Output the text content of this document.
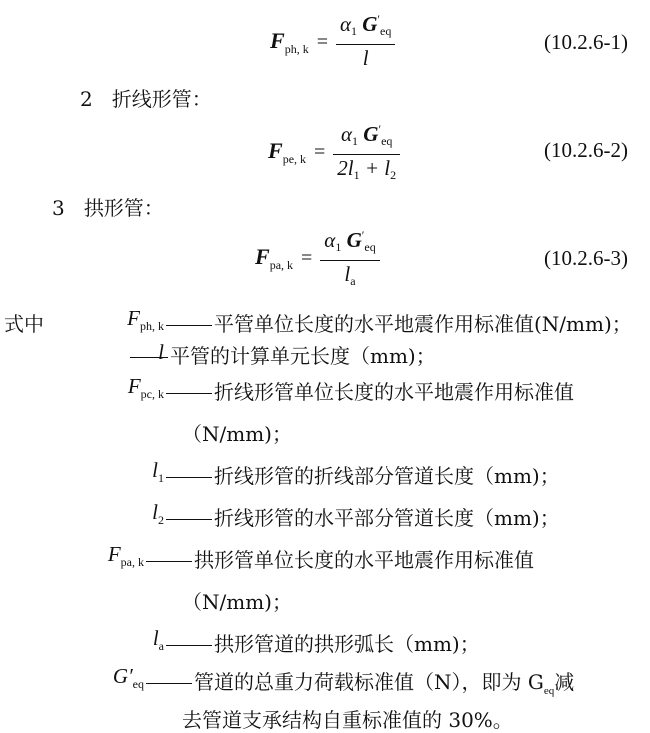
$F_{ph, k} = \frac{\alpha_1 G'_{eq}}{l}$	(10.2.6-1)
2 折线形管：
$F_{pe, k} = \frac{\alpha_1 G'_{eq}}{2l_1 + l_2}$	(10.2.6-2)
3 拱形管：
$F_{pa, k} = \frac{\alpha_1 G'_{eq}}{l_a}$	(10.2.6-3)
式中	$F_{ph, k}$	平管单位长度的水平地震作用标准值(N/mm)；
l 平管的计算单元长度（mm)；
$F_{pc, k}$	折线形管单位长度的水平地震作用标准值
（N/mm)；
$l_1$	折线形管的折线部分管道长度（mm)；
$l_2$	折线形管的水平部分管道长度（mm)；
$F_{pa, k}$	拱形管单位长度的水平地震作用标准值
（N/mm)；
$l_a$	拱形管道的拱形弧长（mm)；
$G'_{eq}$	管道的总重力荷载标准值（N），即为 $G_{eq}$减
去管道支承结构自重标准值的 30%。
